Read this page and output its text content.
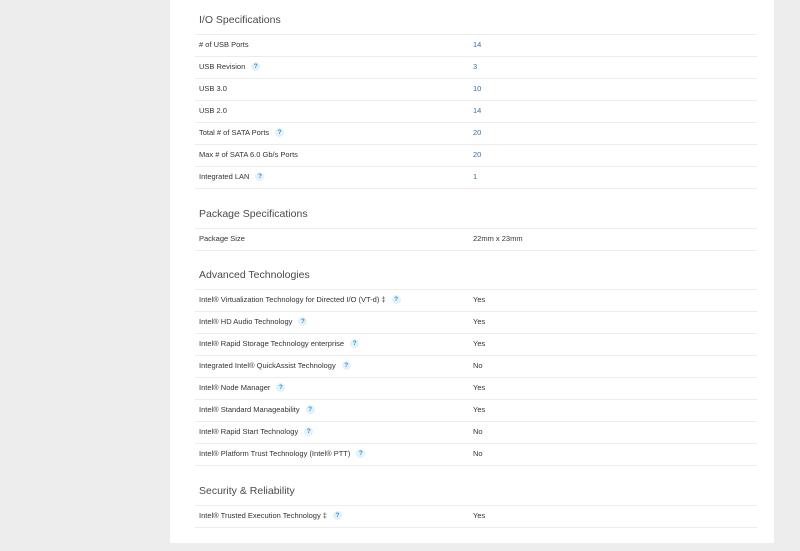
I/O Specifications
# of USB Ports	14
USB Revision	?	3
USB 3.0	10
USB 2.0	14
Total # of SATA Ports	?	20
Max # of SATA 6.0 Gb/s Ports	20
Integrated LAN	?	1
Package Specifications
Package Size	22mm x 23mm
Advanced Technologies
Intel® Virtualization Technology for Directed I/O (VT-d) ‡	?	Yes
Intel® HD Audio Technology	?	Yes
Intel® Rapid Storage Technology enterprise	?	Yes
Integrated Intel® QuickAssist Technology	?	No
Intel® Node Manager	?	Yes
Intel® Standard Manageability	?	Yes
Intel® Rapid Start Technology	?	No
Intel® Platform Trust Technology (Intel® PTT)	?	No
Security & Reliability
Intel® Trusted Execution Technology ‡	?	Yes
